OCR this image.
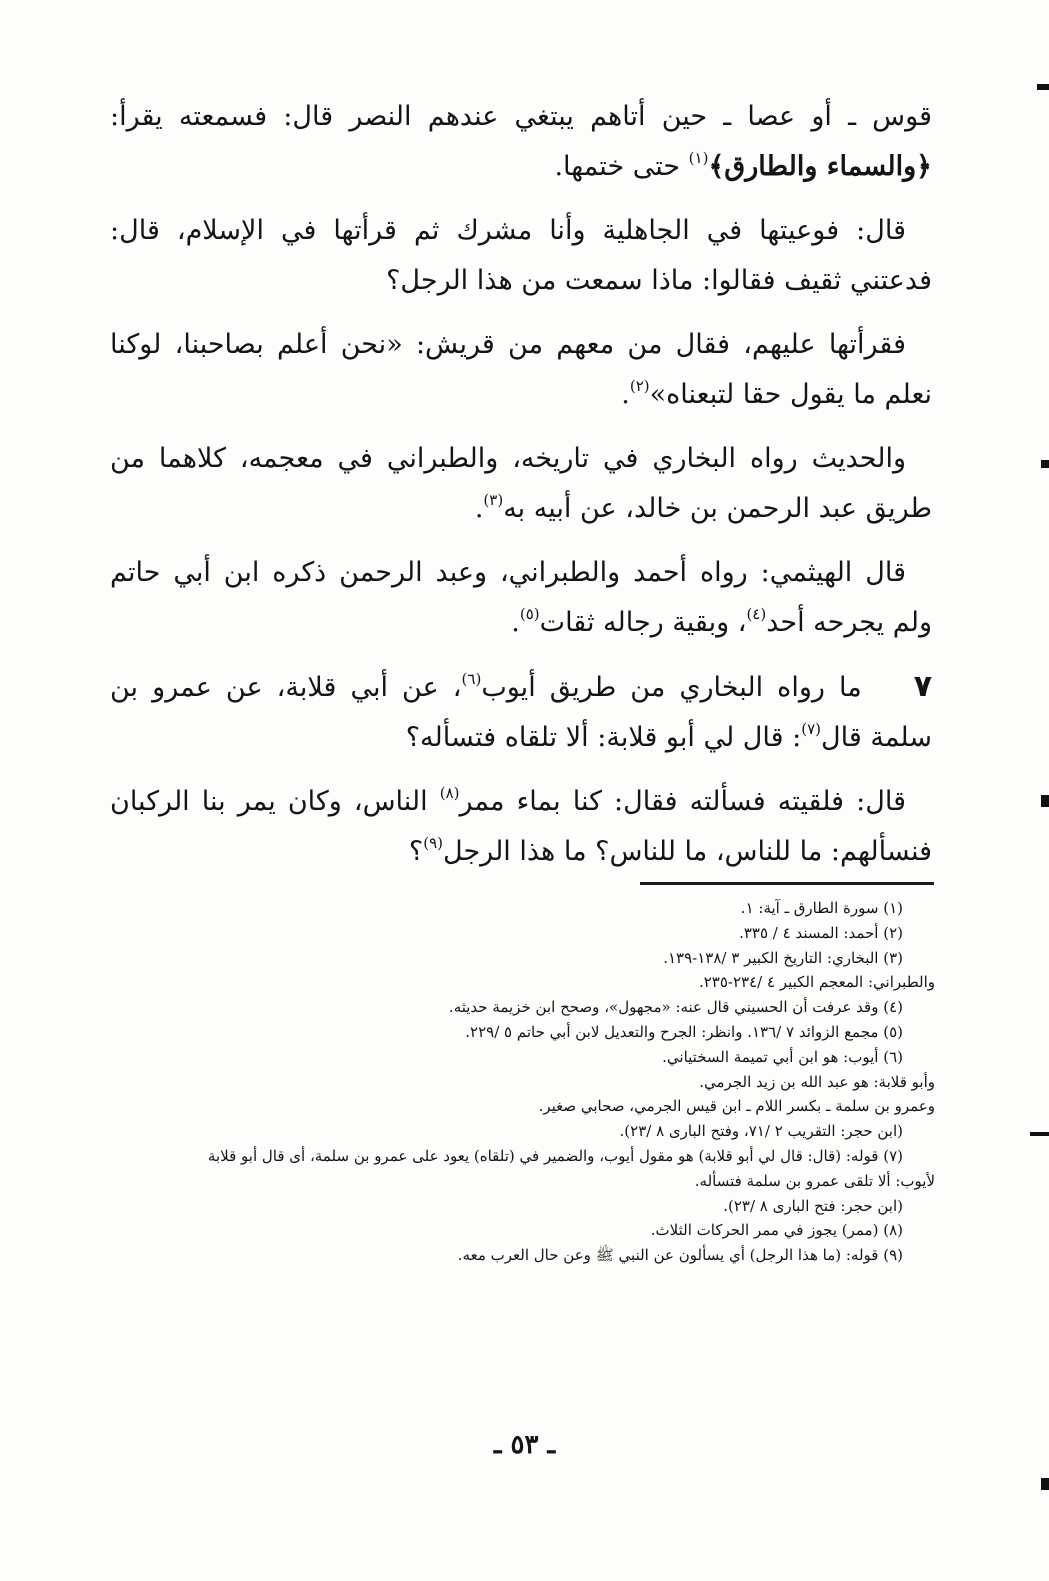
قوس ـ أو عصا ـ حين أتاهم يبتغي عندهم النصر قال: فسمعته يقرأ: ﴿والسماء والطارق﴾$^{(١)}$ حتى ختمها.

قال: فوعيتها في الجاهلية وأنا مشرك ثم قرأتها في الإسلام، قال: فدعتني ثقيف فقالوا: ماذا سمعت من هذا الرجل؟

فقرأتها عليهم، فقال من معهم من قريش: «نحن أعلم بصاحبنا، لوكنا نعلم ما يقول حقا لتبعناه»$^{(٢)}$.

والحديث رواه البخاري في تاريخه، والطبراني في معجمه، كلاهما من طريق عبد الرحمن بن خالد، عن أبيه به$^{(٣)}$.

قال الهيثمي: رواه أحمد والطبراني، وعبد الرحمن ذكره ابن أبي حاتم ولم يجرحه أحد$^{(٤)}$، وبقية رجاله ثقات$^{(٥)}$.

٧ما رواه البخاري من طريق أيوب$^{(٦)}$، عن أبي قلابة، عن عمرو بن سلمة قال$^{(٧)}$: قال لي أبو قلابة: ألا تلقاه فتسأله؟

قال: فلقيته فسألته فقال: كنا بماء ممر$^{(٨)}$ الناس، وكان يمر بنا الركبان فنسألهم: ما للناس، ما للناس؟ ما هذا الرجل$^{(٩)}$؟

(١) سورة الطارق ـ آية: ١.

(٢) أحمد: المسند ٤ / ٣٣٥.

(٣) البخاري: التاريخ الكبير ٣ /١٣٨-١٣٩.

والطبراني: المعجم الكبير ٤ /٢٣٤-٢٣٥.

(٤) وقد عرفت أن الحسيني قال عنه: «مجهول»، وصحح ابن خزيمة حديثه.

(٥) مجمع الزوائد ٧ /١٣٦. وانظر: الجرح والتعديل لابن أبي حاتم ٥ /٢٢٩.

(٦) أيوب: هو ابن أبي تميمة السختياني.

وأبو قلابة: هو عبد الله بن زيد الجرمي.

وعمرو بن سلمة ـ بكسر اللام ـ ابن قيس الجرمي، صحابي صغير.

(ابن حجر: التقريب ٢ /٧١، وفتح البارى ٨ /٢٣).

(٧) قوله: (قال: قال لي أبو قلابة) هو مقول أيوب، والضمير في (تلقاه) يعود على عمرو بن سلمة، أى قال أبو قلابة

لأيوب: ألا تلقى عمرو بن سلمة فتسأله.

(ابن حجر: فتح البارى ٨ /٢٣).

(٨) (ممر) يجوز في ممر الحركات الثلاث.

(٩) قوله: (ما هذا الرجل) أي يسألون عن النبي ﷺ وعن حال العرب معه.

ـ ٥٣ ـ
